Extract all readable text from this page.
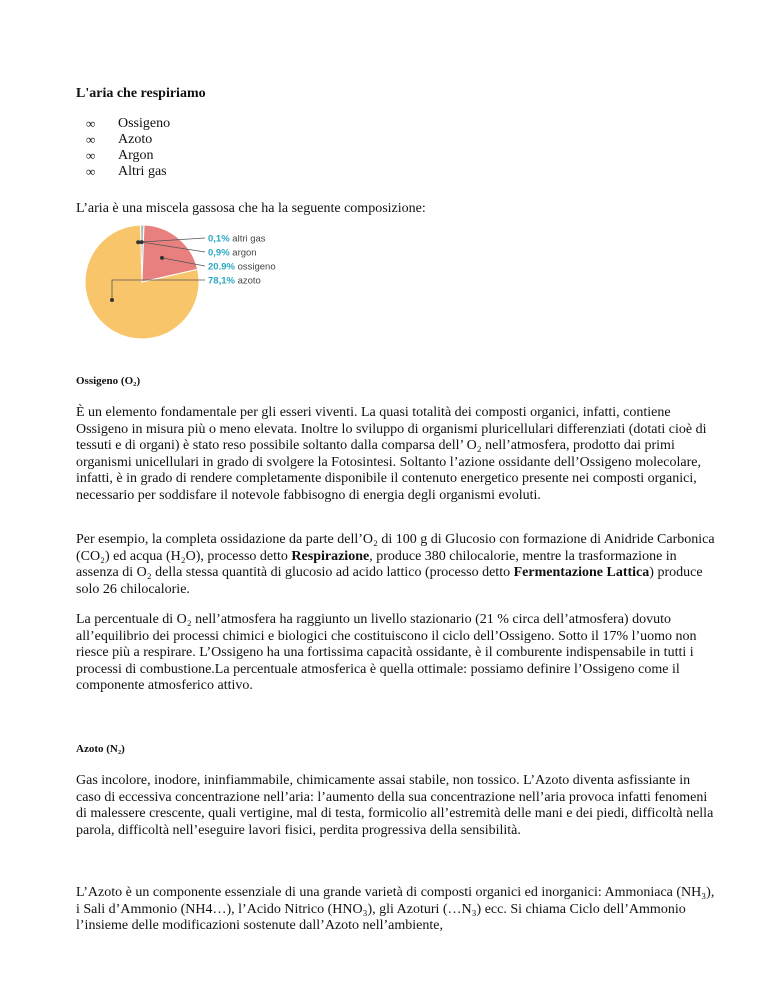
L'aria che respiriamo
∞	Ossigeno
∞	Azoto
∞	Argon
∞	Altri gas

L’aria è una miscela gassosa che ha la seguente composizione:

0,1% altri gas
0,9% argon
20.9% ossigeno
78,1% azoto
Ossigeno (O₂)

È un elemento fondamentale per gli esseri viventi. La quasi totalità dei composti organici, infatti, contiene Ossigeno in misura più o meno elevata. Inoltre lo sviluppo di organismi pluricellulari differenziati (dotati cioè di tessuti e di organi) è stato reso possibile soltanto dalla comparsa dell’ O₂ nell’atmosfera, prodotto dai primi organismi unicellulari in grado di svolgere la Fotosintesi. Soltanto l’azione ossidante dell’Ossigeno molecolare, infatti, è in grado di rendere completamente disponibile il contenuto energetico presente nei composti organici, necessario per soddisfare il notevole fabbisogno di energia degli organismi evoluti.

Per esempio, la completa ossidazione da parte dell’O₂ di 100 g di Glucosio con formazione di Anidride Carbonica (CO₂) ed acqua (H₂O), processo detto Respirazione, produce 380 chilocalorie, mentre la trasformazione in assenza di O₂ della stessa quantità di glucosio ad acido lattico (processo detto Fermentazione Lattica) produce solo 26 chilocalorie.

La percentuale di O₂ nell’atmosfera ha raggiunto un livello stazionario (21 % circa dell’atmosfera) dovuto all’equilibrio dei processi chimici e biologici che costituiscono il ciclo dell’Ossigeno. Sotto il 17% l’uomo non riesce più a respirare. L’Ossigeno ha una fortissima capacità ossidante, è il comburente indispensabile in tutti i processi di combustione.La percentuale atmosferica è quella ottimale: possiamo definire l’Ossigeno come il componente atmosferico attivo.

Azoto (N₂)

Gas incolore, inodore, ininfiammabile, chimicamente assai stabile, non tossico. L’Azoto diventa asfissiante in caso di eccessiva concentrazione nell’aria: l’aumento della sua concentrazione nell’aria provoca infatti fenomeni di malessere crescente, quali vertigine, mal di testa, formicolio all’estremità delle mani e dei piedi, difficoltà nella parola, difficoltà nell’eseguire lavori fisici, perdita progressiva della sensibilità.

L’Azoto è un componente essenziale di una grande varietà di composti organici ed inorganici: Ammoniaca (NH₃), i Sali d’Ammonio (NH4…), l’Acido Nitrico (HNO₃), gli Azoturi (…N₃) ecc. Si chiama Ciclo dell’Ammonio l’insieme delle modificazioni sostenute dall’Azoto nell’ambiente,
